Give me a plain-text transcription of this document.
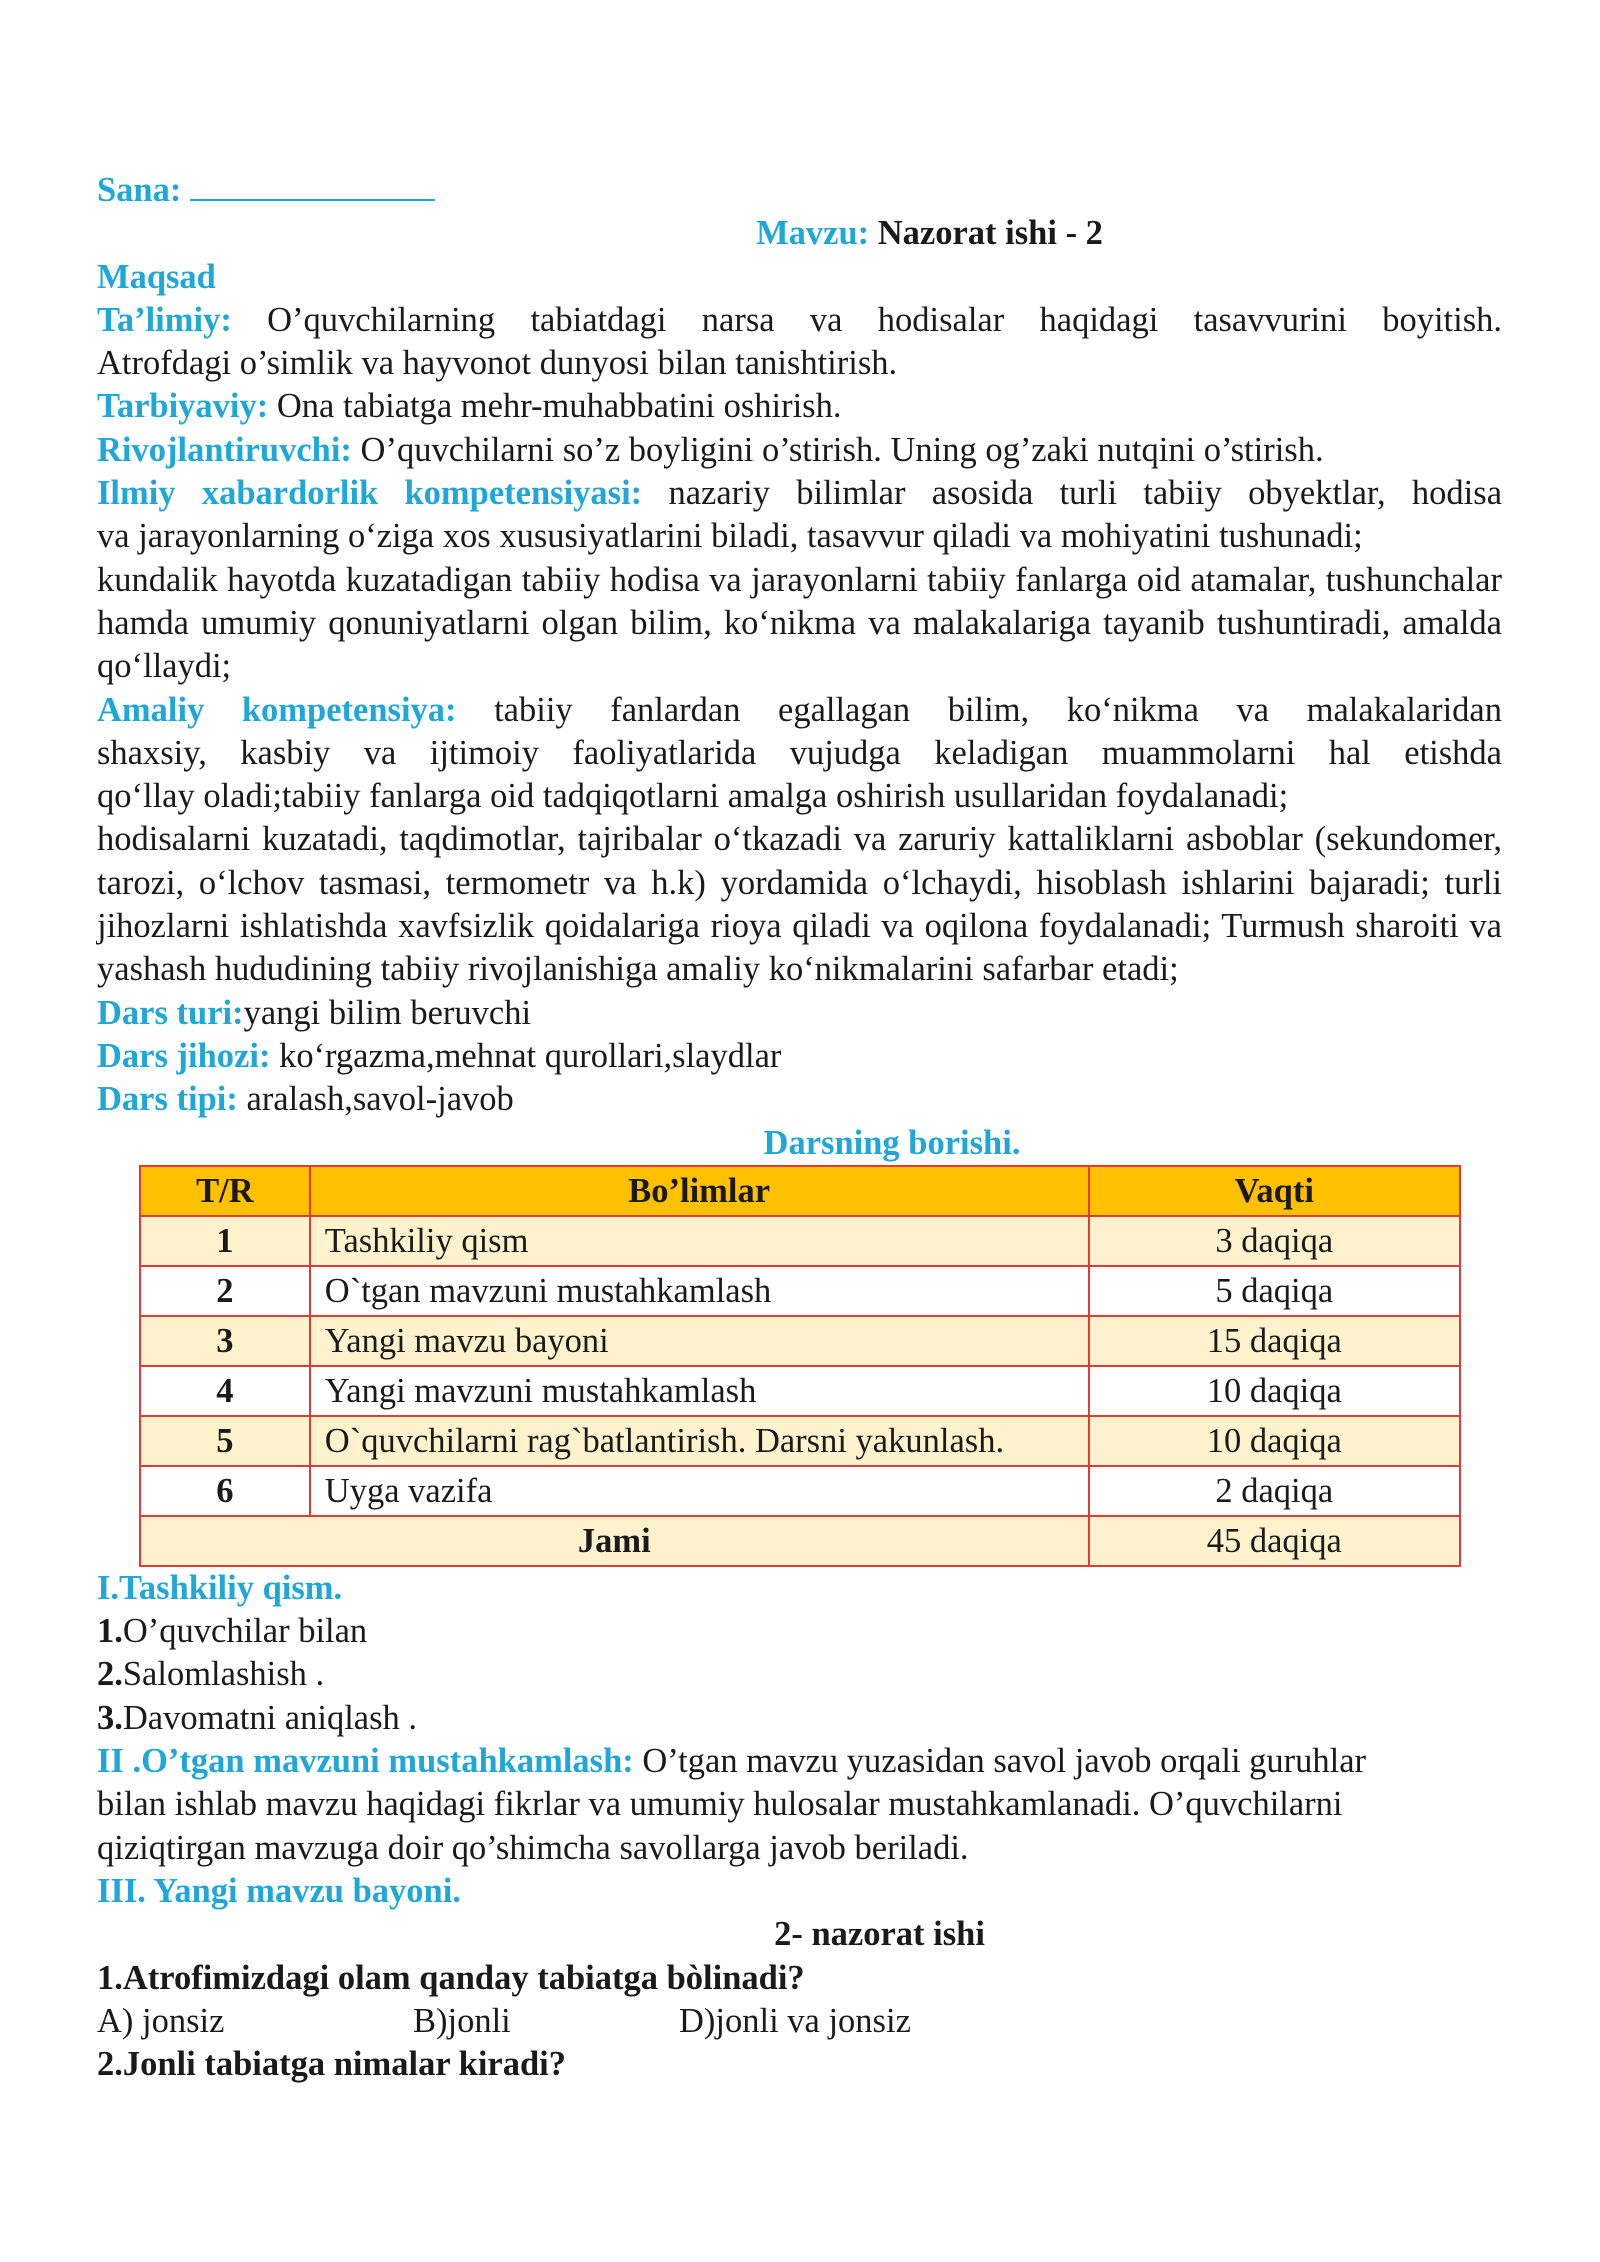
Sana:

Mavzu: Nazorat ishi - 2

Maqsad

Ta’limiy: O’quvchilarning tabiatdagi narsa va hodisalar haqidagi tasavvurini boyitish.

Atrofdagi o’simlik va hayvonot dunyosi bilan tanishtirish.

Tarbiyaviy: Ona tabiatga mehr-muhabbatini oshirish.

Rivojlantiruvchi: O’quvchilarni so’z boyligini o’stirish. Uning og’zaki nutqini o’stirish.

Ilmiy xabardorlik kompetensiyasi: nazariy bilimlar asosida turli tabiiy obyektlar, hodisa

va jarayonlarning o‘ziga xos xususiyatlarini biladi, tasavvur qiladi va mohiyatini tushunadi;

kundalik hayotda kuzatadigan tabiiy hodisa va jarayonlarni tabiiy fanlarga oid atamalar, tushunchalar hamda umumiy qonuniyatlarni olgan bilim, ko‘nikma va malakalariga tayanib tushuntiradi, amalda qo‘llaydi;

Amaliy kompetensiya: tabiiy fanlardan egallagan bilim, ko‘nikma va malakalaridan

shaxsiy, kasbiy va ijtimoiy faoliyatlarida vujudga keladigan muammolarni hal etishda

qo‘llay oladi;tabiiy fanlarga oid tadqiqotlarni amalga oshirish usullaridan foydalanadi;

hodisalarni kuzatadi, taqdimotlar, tajribalar o‘tkazadi va zaruriy kattaliklarni asboblar (sekundomer, tarozi, o‘lchov tasmasi, termometr va h.k) yordamida o‘lchaydi, hisoblash ishlarini bajaradi; turli jihozlarni ishlatishda xavfsizlik qoidalariga rioya qiladi va oqilona foydalanadi; Turmush sharoiti va yashash hududining tabiiy rivojlanishiga amaliy ko‘nikmalarini safarbar etadi;

Dars turi:yangi bilim beruvchi

Dars jihozi: ko‘rgazma,mehnat qurollari,slaydlar

Dars tipi: aralash,savol-javob

Darsning borishi.

T/R	Bo’limlar	Vaqti
1	Tashkiliy qism	3 daqiqa
2	O`tgan mavzuni mustahkamlash	5 daqiqa
3	Yangi mavzu bayoni	15 daqiqa
4	Yangi mavzuni mustahkamlash	10 daqiqa
5	O`quvchilarni rag`batlantirish. Darsni yakunlash.	10 daqiqa
6	Uyga vazifa	2 daqiqa
Jami		45 daqiqa

I.Tashkiliy qism.

1.O’quvchilar bilan

2.Salomlashish .

3.Davomatni aniqlash .

II .O’tgan mavzuni mustahkamlash: O’tgan mavzu yuzasidan savol javob orqali guruhlar

bilan ishlab mavzu haqidagi fikrlar va umumiy hulosalar mustahkamlanadi. O’quvchilarni

qiziqtirgan mavzuga doir qo’shimcha savollarga javob beriladi.

III. Yangi mavzu bayoni.

2- nazorat ishi

1.Atrofimizdagi olam qanday tabiatga bòlinadi?

A) jonsiz	B)jonli	D)jonli va jonsiz

2.Jonli tabiatga nimalar kiradi?
